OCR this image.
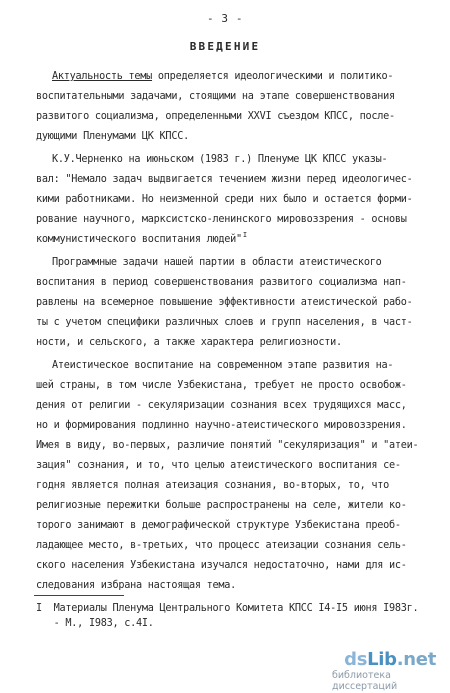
- 3 -
ВВЕДЕНИЕ
Актуальность темы определяется идеологическими и политико-
воспитательными задачами, стоящими на этапе совершенствования
развитого социализма, определенными XXVI съездом КПСС, после-
дующими Пленумами ЦК КПСС.
К.У.Черненко на июньском (1983 г.) Пленуме ЦК КПСС указы-
вал: "Немало задач выдвигается течением жизни перед идеологичес-
кими работниками. Но неизменной среди них было и остается форми-
рование научного, марксистско-ленинского мировоззрения - основы
коммунистического воспитания людей"$^I$
Программные задачи нашей партии в области атеистического
воспитания в период совершенствования развитого социализма нап-
равлены на всемерное повышение эффективности атеистической рабо-
ты с учетом специфики различных слоев и групп населения, в част-
ности, и сельского, а также характера религиозности.
Атеистическое воспитание на современном этапе развития на-
шей страны, в том числе Узбекистана, требует не просто освобож-
дения от религии - секуляризации сознания всех трудящихся масс,
но и формирования подлинно научно-атеистического мировоззрения.
Имея в виду, во-первых, различие понятий "секуляризация" и "атеи-
зация" сознания, и то, что целью атеистического воспитания се-
годня является полная атеизация сознания, во-вторых, то, что
религиозные пережитки больше распространены на селе, жители ко-
торого занимают в демографической структуре Узбекистана преоб-
ладающее место, в-третьих, что процесс атеизации сознания сель-
ского населения Узбекистана изучался недостаточно, нами для ис-
следования избрана настоящая тема.
I  Материалы Пленума Центрального Комитета КПСС I4-I5 июня I983г.
- М., I983, с.4I.
dsLib.net
библиотека диссертаций
